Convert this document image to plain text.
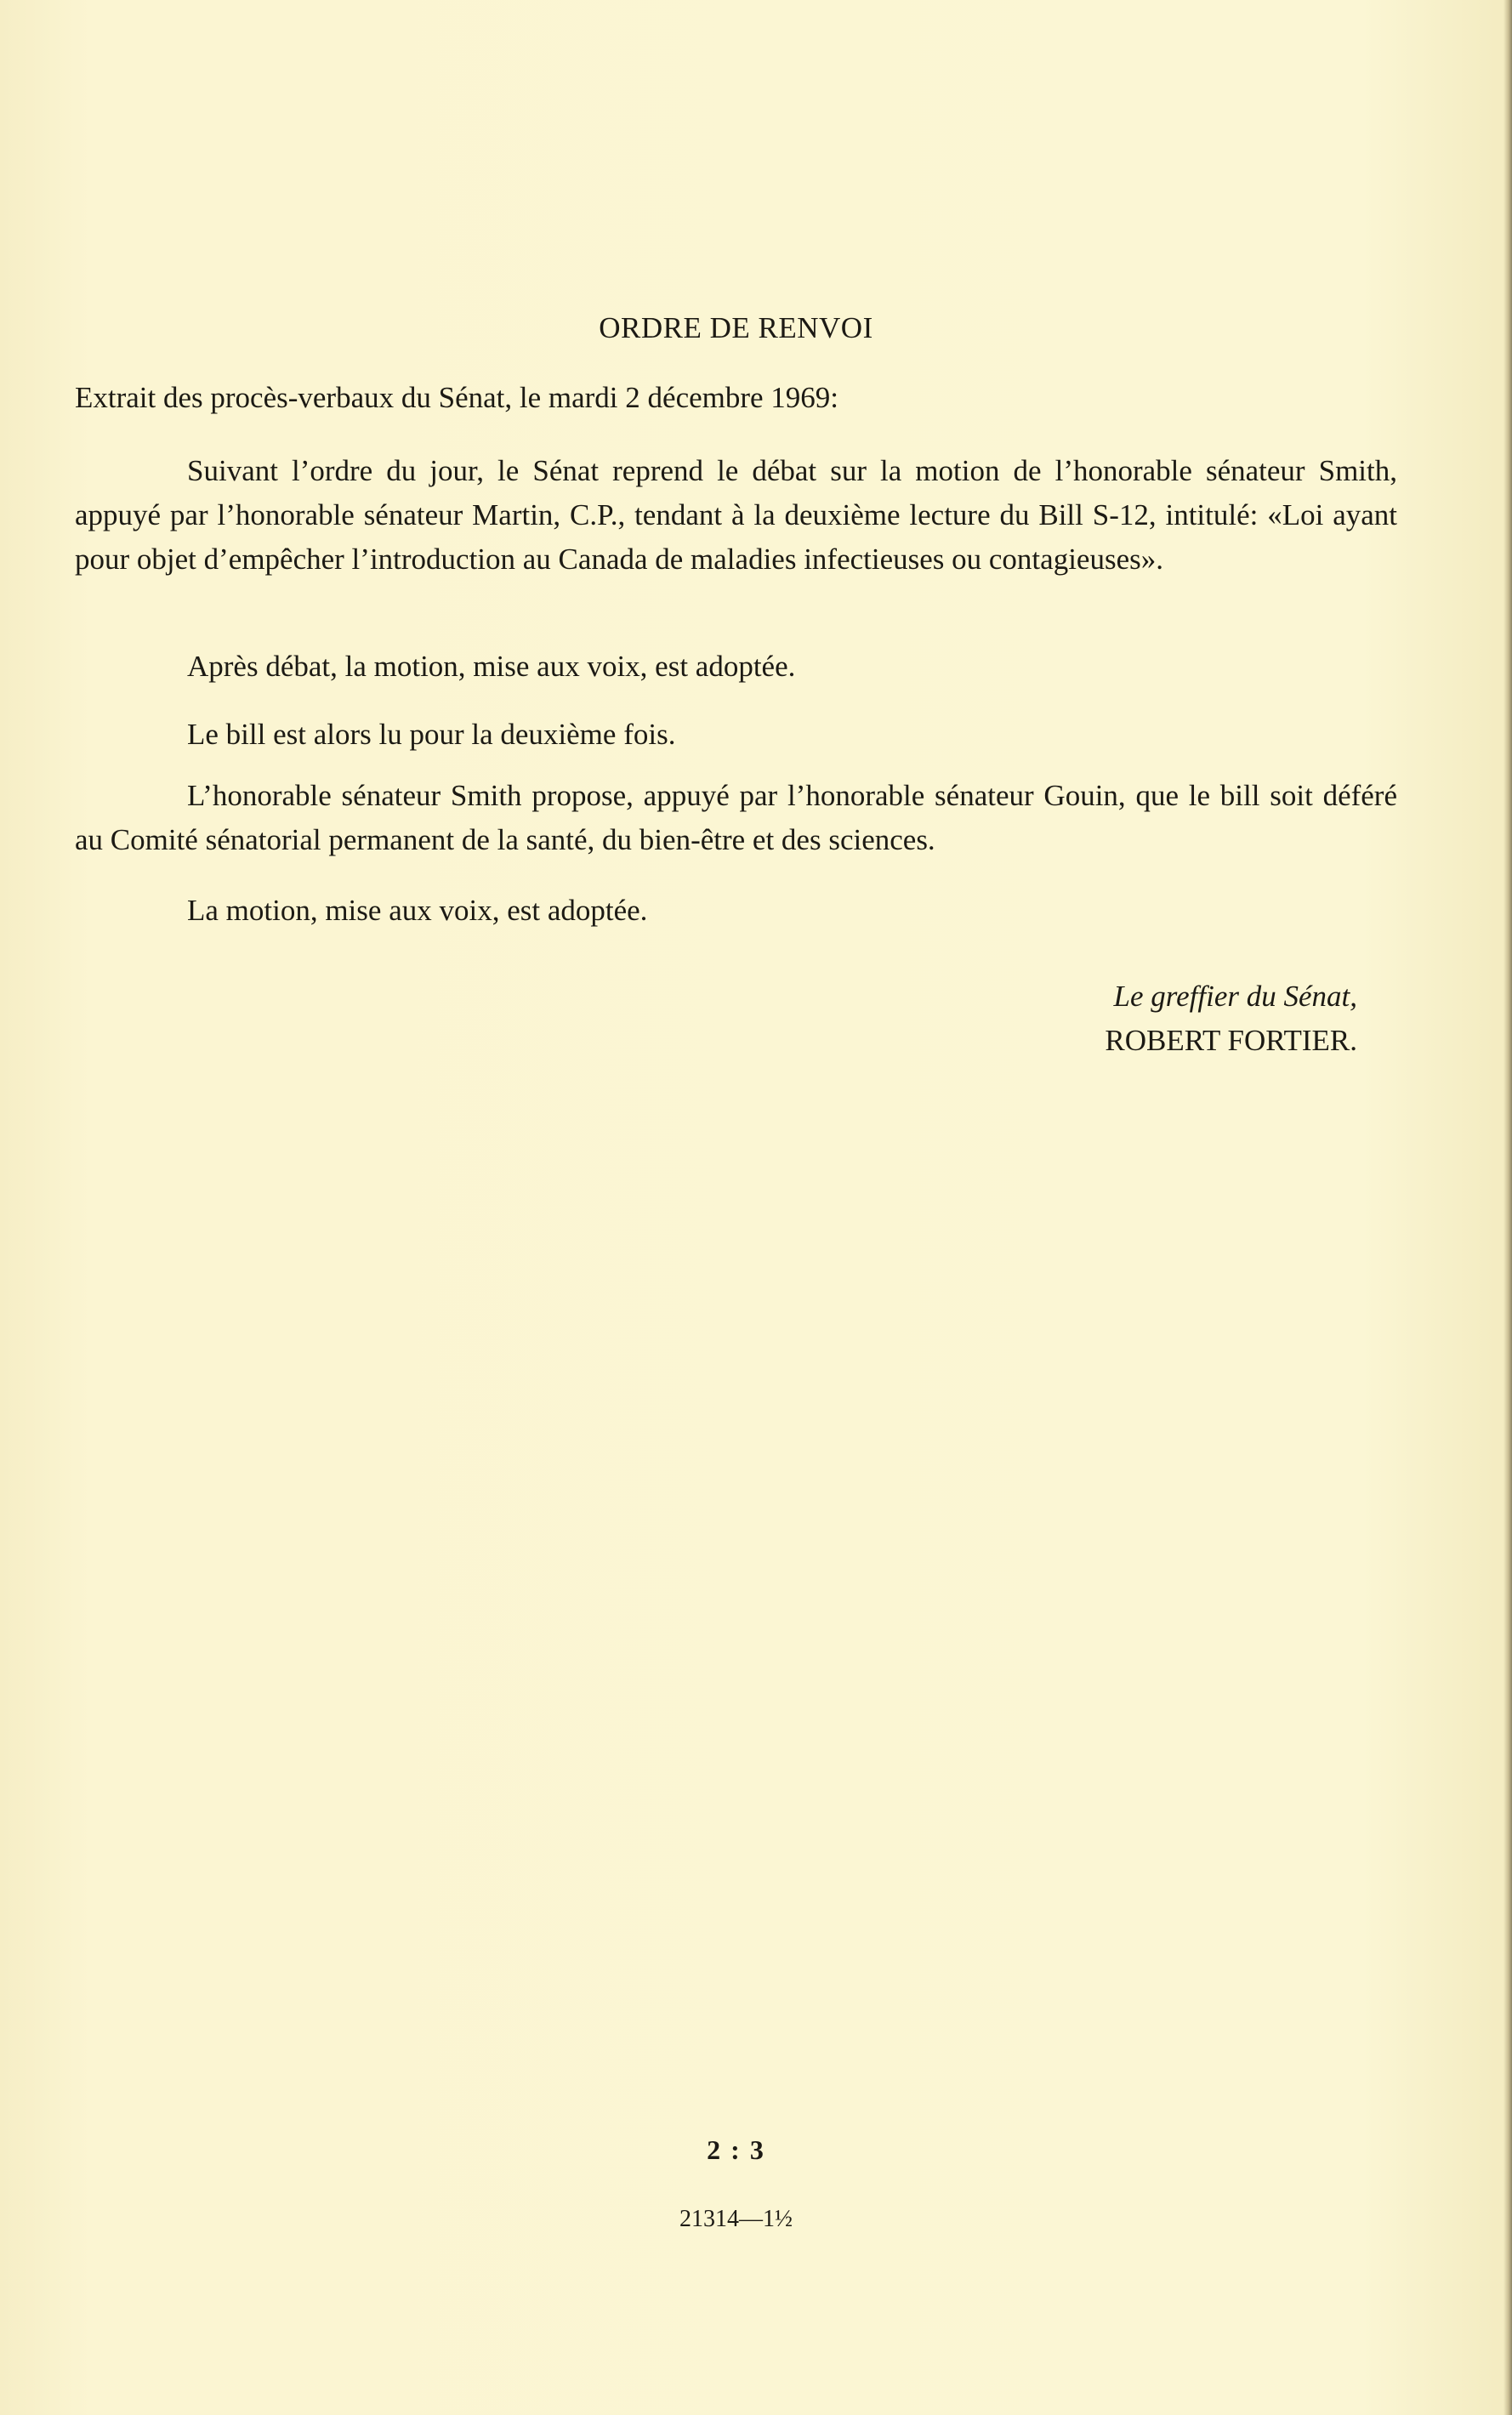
ORDRE DE RENVOI

Extrait des procès-verbaux du Sénat, le mardi 2 décembre 1969:

Suivant l’ordre du jour, le Sénat reprend le débat sur la motion de l’honorable sénateur Smith, appuyé par l’honorable sénateur Martin, C.P., tendant à la deuxième lecture du Bill S-12, intitulé: «Loi ayant pour objet d’empêcher l’introduction au Canada de maladies infectieuses ou contagieuses».

Après débat, la motion, mise aux voix, est adoptée.

Le bill est alors lu pour la deuxième fois.

L’honorable sénateur Smith propose, appuyé par l’honorable sénateur Gouin, que le bill soit déféré au Comité sénatorial permanent de la santé, du bien-être et des sciences.

La motion, mise aux voix, est adoptée.

Le greffier du Sénat,
ROBERT FORTIER.
2 : 3
21314—1½
